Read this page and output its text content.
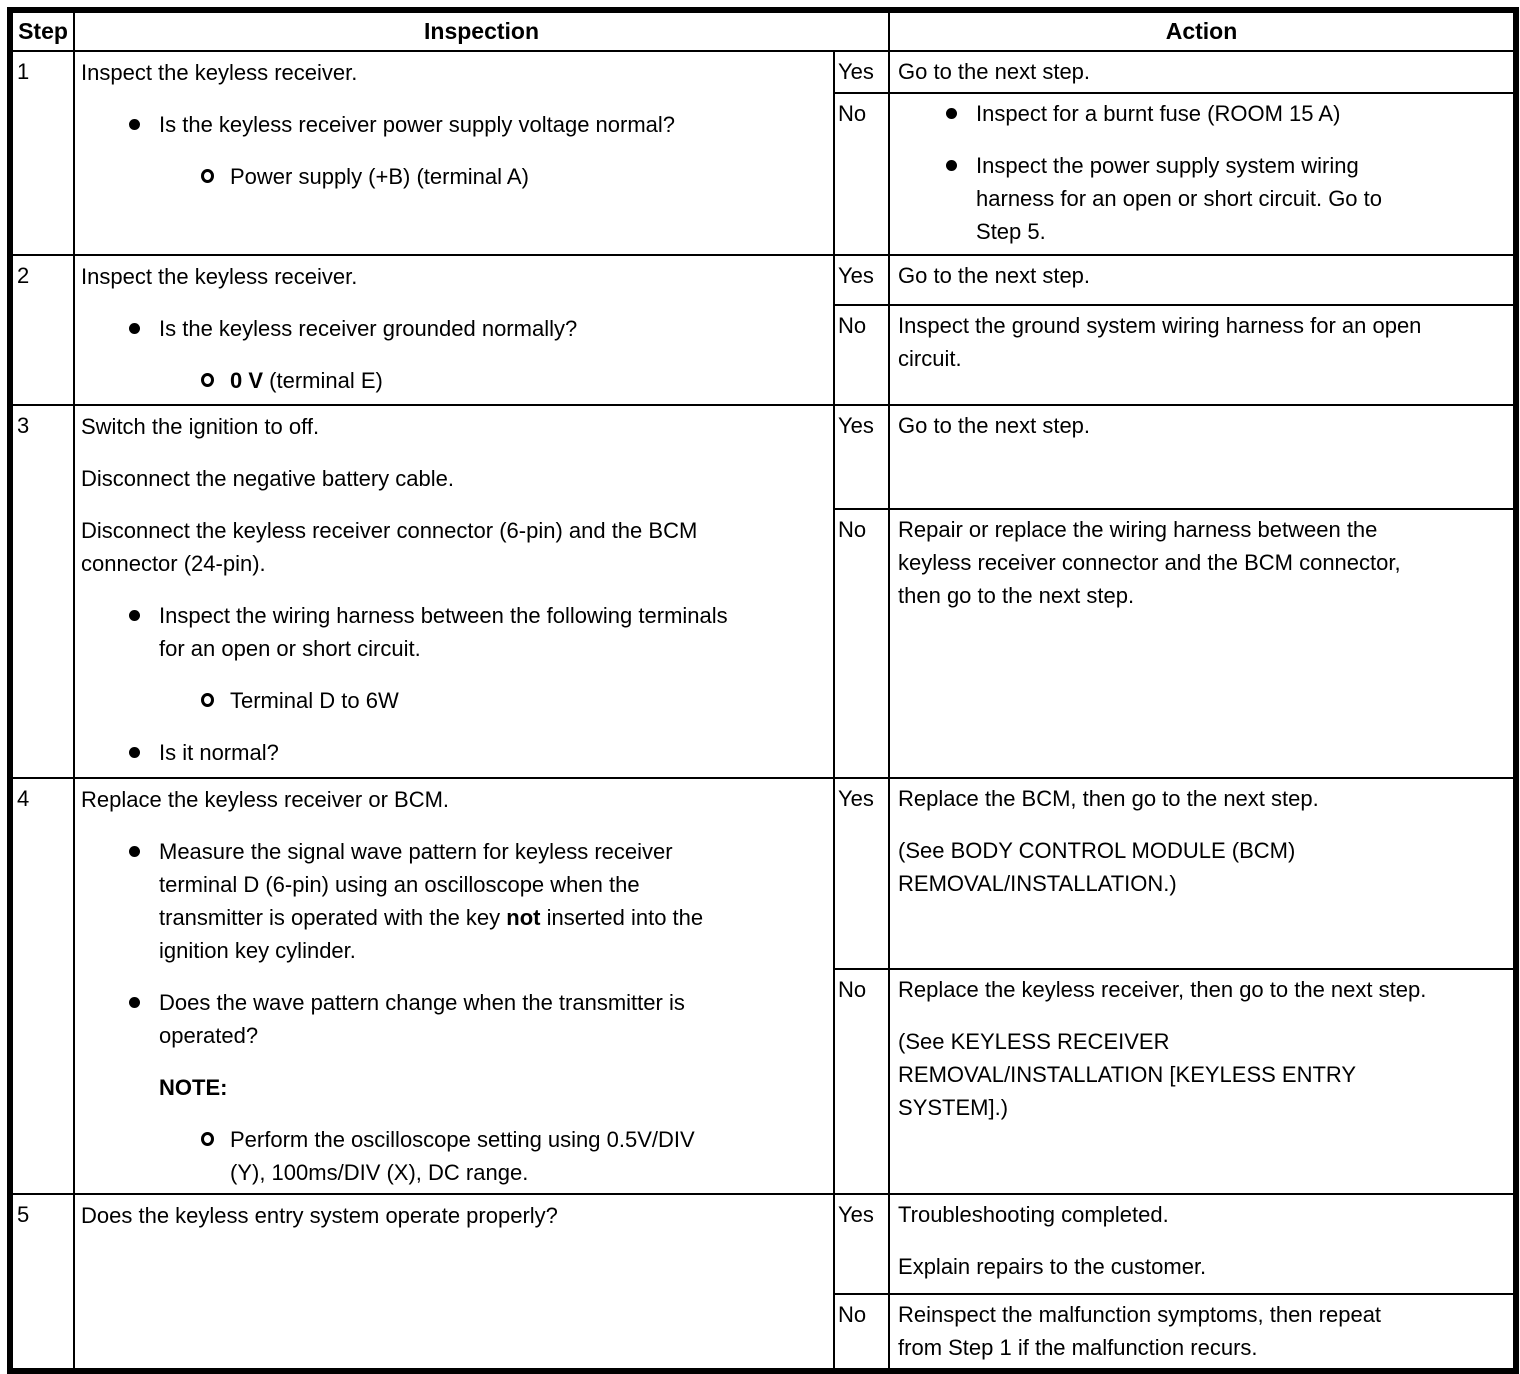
Step	Inspection		Action
1	Inspect the keyless receiver.
Is the keyless receiver power supply voltage normal?
Power supply (+B) (terminal A)	Yes	Go to the next step.

		No	Inspect for a burnt fuse (ROOM 15 A)
Inspect the power supply system wiring
harness for an open or short circuit. Go to
Step 5.

2	Inspect the keyless receiver.
Is the keyless receiver grounded normally?
0 V (terminal E)	Yes	Go to the next step.

		No	Inspect the ground system wiring harness for an open
circuit.

3	Switch the ignition to off.
Disconnect the negative battery cable.
Disconnect the keyless receiver connector (6-pin) and the BCM
connector (24-pin).
Inspect the wiring harness between the following terminals
for an open or short circuit.
Terminal D to 6W
Is it normal?
	Yes	Go to the next step.

		No	Repair or replace the wiring harness between the
keyless receiver connector and the BCM connector,
then go to the next step.

4	Replace the keyless receiver or BCM.
Measure the signal wave pattern for keyless receiver
terminal D (6-pin) using an oscilloscope when the
transmitter is operated with the key not inserted into the
ignition key cylinder.
Does the wave pattern change when the transmitter is
operated?
NOTE:
Perform the oscilloscope setting using 0.5V/DIV
(Y), 100ms/DIV (X), DC range.
	Yes	Replace the BCM, then go to the next step.
(See BODY CONTROL MODULE (BCM)
REMOVAL/INSTALLATION.)

		No	Replace the keyless receiver, then go to the next step.
(See KEYLESS RECEIVER
REMOVAL/INSTALLATION [KEYLESS ENTRY
SYSTEM].)

5	Does the keyless entry system operate properly?	Yes	Troubleshooting completed.
Explain repairs to the customer.

		No	Reinspect the malfunction symptoms, then repeat
from Step 1 if the malfunction recurs.
